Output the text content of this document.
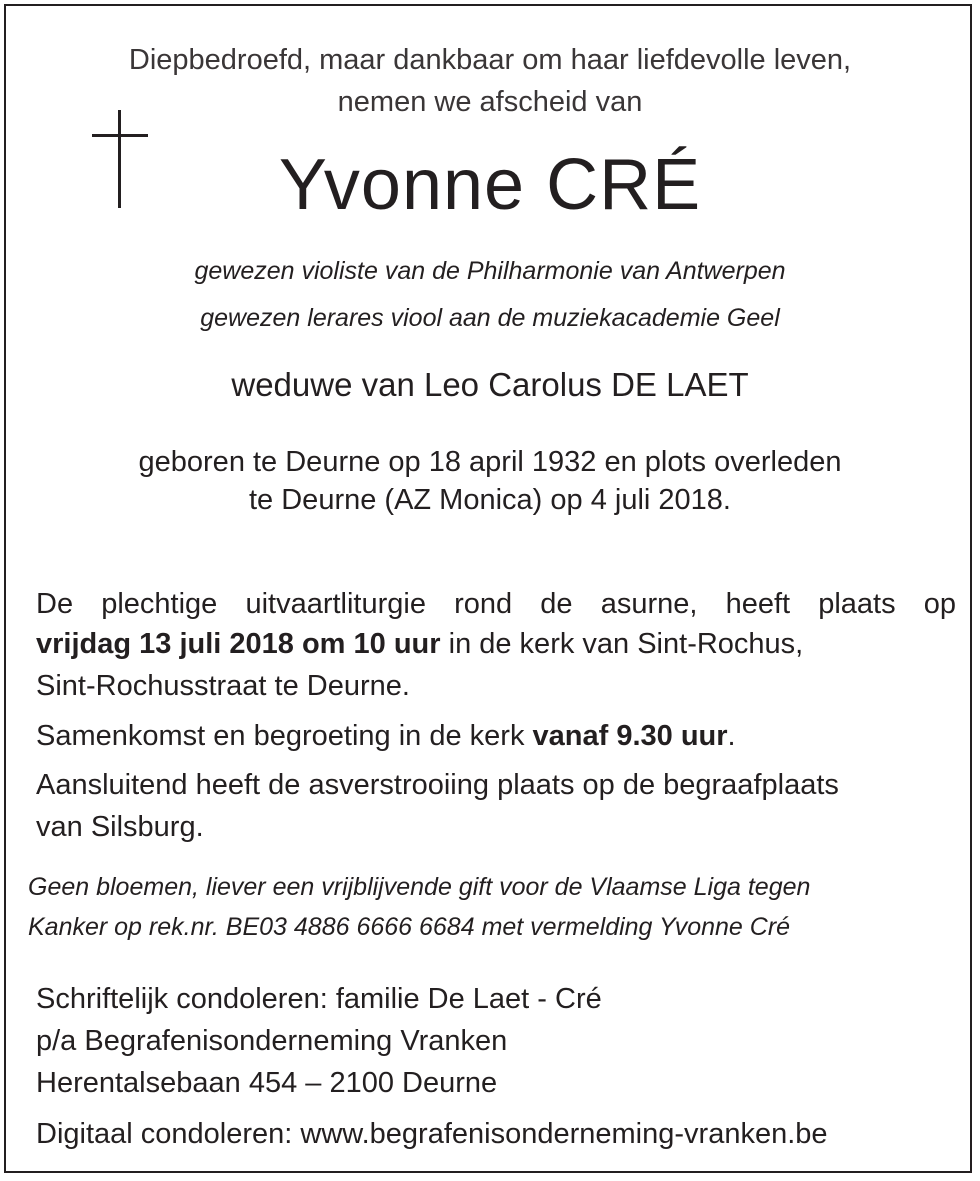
Diepbedroefd, maar dankbaar om haar liefdevolle leven,

nemen we afscheid van

Yvonne CRÉ

gewezen violiste van de Philharmonie van Antwerpen

gewezen lerares viool aan de muziekacademie Geel

weduwe van Leo Carolus DE LAET

geboren te Deurne op 18 april 1932 en plots overleden

te Deurne (AZ Monica) op 4 juli 2018.

De plechtige uitvaartliturgie rond de asurne, heeft plaats op

vrijdag 13 juli 2018 om 10 uur in de kerk van Sint-Rochus,

Sint-Rochusstraat te Deurne.

Samenkomst en begroeting in de kerk vanaf 9.30 uur.

Aansluitend heeft de asverstrooiing plaats op de begraafplaats

van Silsburg.

Geen bloemen, liever een vrijblijvende gift voor de Vlaamse Liga tegen

Kanker op rek.nr. BE03 4886 6666 6684 met vermelding Yvonne Cré

Schriftelijk condoleren: familie De Laet - Cré

p/a Begrafenisonderneming Vranken

Herentalsebaan 454 – 2100 Deurne

Digitaal condoleren: www.begrafenisonderneming-vranken.be
